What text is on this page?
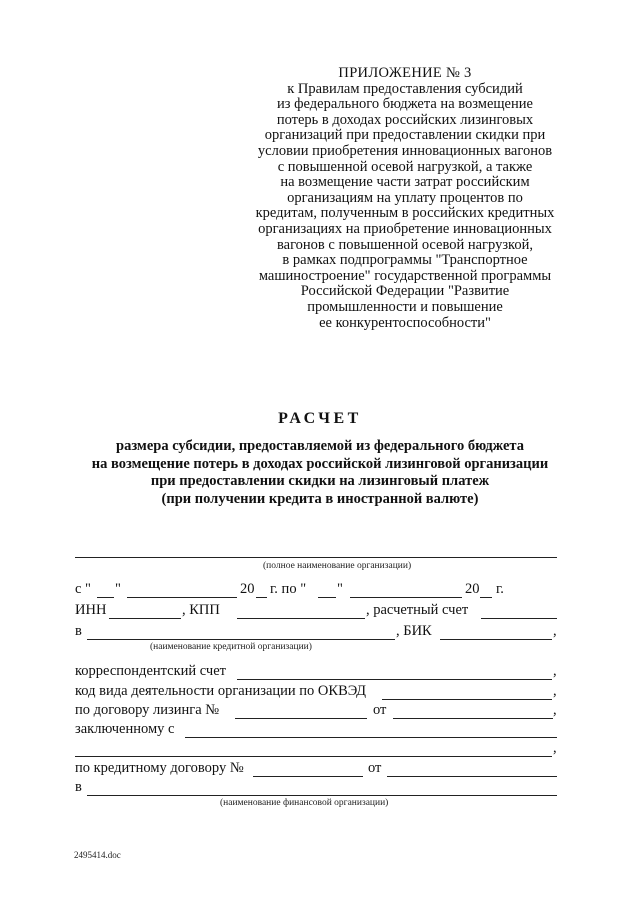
ПРИЛОЖЕНИЕ № 3
к Правилам предоставления субсидий
из федерального бюджета на возмещение
потерь в доходах российских лизинговых
организаций при предоставлении скидки при
условии приобретения инновационных вагонов
с повышенной осевой нагрузкой, а также
на возмещение части затрат российским
организациям на уплату процентов по
кредитам, полученным в российских кредитных
организациях на приобретение инновационных
вагонов с повышенной осевой нагрузкой,
в рамках подпрограммы "Транспортное
машиностроение" государственной программы
Российской Федерации "Развитие
промышленности и повышение
ее конкурентоспособности"
РАСЧЕТ
размера субсидии, предоставляемой из федерального бюджета
на возмещение потерь в доходах российской лизинговой организации
при предоставлении скидки на лизинговый платеж
(при получении кредита в иностранной валюте)
(полное наименование организации)
с " "	20 г. по " "	20 г.
ИНН	, КПП	, расчетный счет
в	, БИК	,
(наименование кредитной организации)
корреспондентский счет	,
код вида деятельности организации по ОКВЭД	,
по договору лизинга №	от	,
заключенному с
,
по кредитному договору №	от
в
(наименование финансовой организации)
2495414.doc
